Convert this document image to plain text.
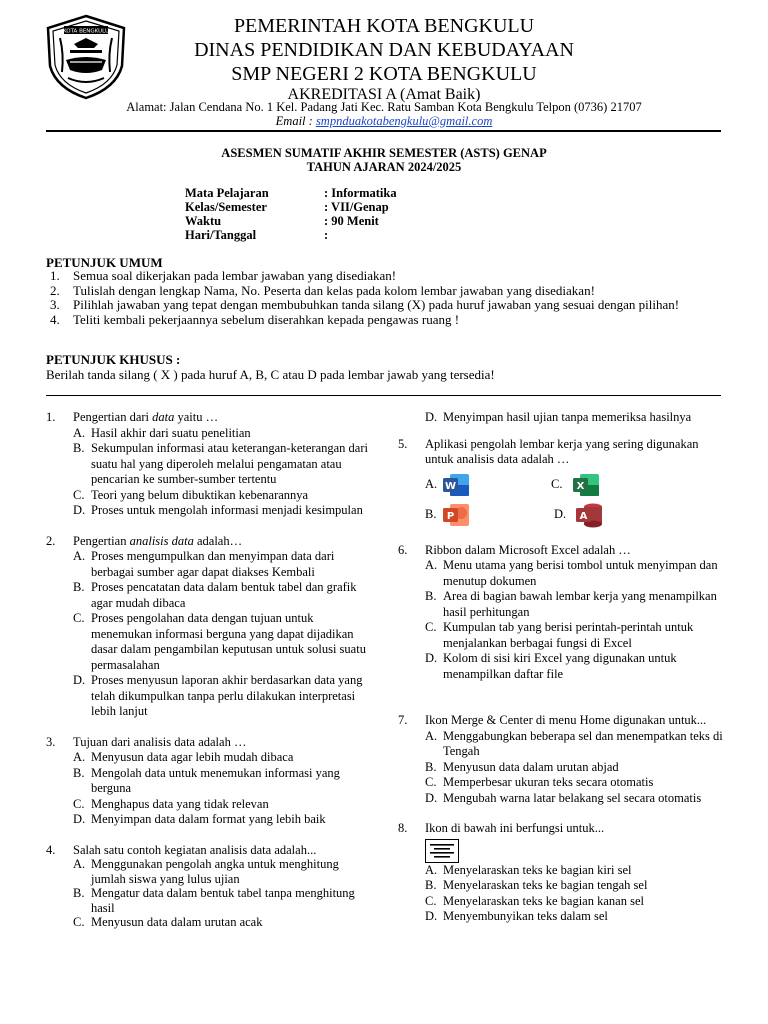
KOTA BENGKULU	PEMERINTAH KOTA BENGKULU
DINAS PENDIDIKAN DAN KEBUDAYAAN
SMP NEGERI 2 KOTA BENGKULU
AKREDITASI A (Amat Baik)
Alamat: Jalan Cendana No. 1 Kel. Padang Jati Kec. Ratu Samban Kota Bengkulu Telpon (0736) 21707
Email : smpnduakotabengkulu@gmail.com
ASESMEN SUMATIF AKHIR SEMESTER (ASTS) GENAP
TAHUN AJARAN 2024/2025
Mata Pelajaran	: Informatika
Kelas/Semester	: VII/Genap
Waktu	: 90 Menit
Hari/Tanggal	:
PETUNJUK UMUM
1.	Semua soal dikerjakan pada lembar jawaban yang disediakan!
2.	Tulislah dengan lengkap Nama, No. Peserta dan kelas pada kolom lembar jawaban yang disediakan!
3.	Pilihlah jawaban yang tepat dengan membubuhkan tanda silang (X) pada huruf jawaban yang sesuai dengan pilihan!
4.	Teliti kembali pekerjaannya sebelum diserahkan kepada pengawas ruang !
PETUNJUK KHUSUS :
Berilah tanda silang ( X ) pada huruf A, B, C atau D pada lembar jawab yang tersedia!
1.	Pengertian dari data yaitu …
A. Hasil akhir dari suatu penelitian
B. Sekumpulan informasi atau keterangan-keterangan dari suatu hal yang diperoleh melalui pengamatan atau pencarian ke sumber-sumber tertentu
C. Teori yang belum dibuktikan kebenarannya
D. Proses untuk mengolah informasi menjadi kesimpulan
2.	Pengertian analisis data adalah…
A. Proses mengumpulkan dan menyimpan data dari berbagai sumber agar dapat diakses Kembali
B. Proses pencatatan data dalam bentuk tabel dan grafik agar mudah dibaca
C. Proses pengolahan data dengan tujuan untuk menemukan informasi berguna yang dapat dijadikan dasar dalam pengambilan keputusan untuk solusi suatu permasalahan
D. Proses menyusun laporan akhir berdasarkan data yang telah dikumpulkan tanpa perlu dilakukan interpretasi lebih lanjut
3.	Tujuan dari analisis data adalah …
A. Menyusun data agar lebih mudah dibaca
B. Mengolah data untuk menemukan informasi yang berguna
C. Menghapus data yang tidak relevan
D. Menyimpan data dalam format yang lebih baik
4.	Salah satu contoh kegiatan analisis data adalah...
A. Menggunakan pengolah angka untuk menghitung jumlah siswa yang lulus ujian
B. Mengatur data dalam bentuk tabel tanpa menghitung hasil
C. Menyusun data dalam urutan acak
D. Menyimpan hasil ujian tanpa memeriksa hasilnya
5.	Aplikasi pengolah lembar kerja yang sering digunakan untuk analisis data adalah …
A. W	C.	X
B.	P	D.	A
6.	Ribbon dalam Microsoft Excel adalah …
A. Menu utama yang berisi tombol untuk menyimpan dan menutup dokumen
B. Area di bagian bawah lembar kerja yang menampilkan hasil perhitungan
C. Kumpulan tab yang berisi perintah-perintah untuk menjalankan berbagai fungsi di Excel
D. Kolom di sisi kiri Excel yang digunakan untuk menampilkan daftar file
7.	Ikon Merge & Center di menu Home digunakan untuk...
A. Menggabungkan beberapa sel dan menempatkan teks di Tengah
B. Menyusun data dalam urutan abjad
C. Memperbesar ukuran teks secara otomatis
D. Mengubah warna latar belakang sel secara otomatis
8.	Ikon di bawah ini berfungsi untuk...
A. Menyelaraskan teks ke bagian kiri sel
B. Menyelaraskan teks ke bagian tengah sel
C. Menyelaraskan teks ke bagian kanan sel
D. Menyembunyikan teks dalam sel
